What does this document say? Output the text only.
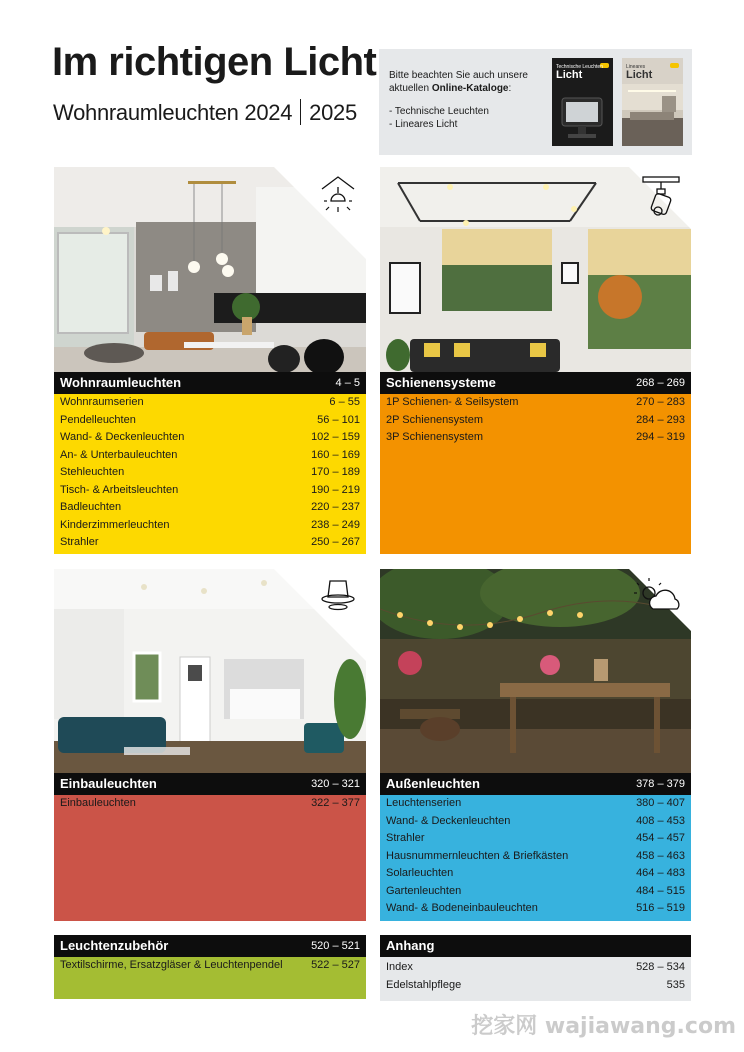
Im richtigen Licht
Wohnraumleuchten 2024 2025
Bitte beachten Sie auch unsere
aktuellen Online-Kataloge:
- Technische Leuchten
- Lineares Licht
Technische Leuchten
Licht
Lineares
Licht
Wohnraumleuchten	4 – 5
Wohnraumserien	6 – 55
Pendelleuchten	56 – 101
Wand- & Deckenleuchten	102 – 159
An- & Unterbauleuchten	160 – 169
Stehleuchten	170 – 189
Tisch- & Arbeitsleuchten	190 – 219
Badleuchten	220 – 237
Kinderzimmerleuchten	238 – 249
Strahler	250 – 267
Schienensysteme	268 – 269
1P Schienen- & Seilsystem	270 – 283
2P Schienensystem	284 – 293
3P Schienensystem	294 – 319
Einbauleuchten	320 – 321
Einbauleuchten	322 – 377
Außenleuchten	378 – 379
Leuchtenserien	380 – 407
Wand- & Deckenleuchten	408 – 453
Strahler	454 – 457
Hausnummernleuchten & Briefkästen	458 – 463
Solarleuchten	464 – 483
Gartenleuchten	484 – 515
Wand- & Bodeneinbauleuchten	516 – 519
Leuchtenzubehör	520 – 521
Textilschirme, Ersatzgläser & Leuchtenpendel	522 – 527
Anhang
Index	528 – 534
Edelstahlpflege	535
挖家网 wajiawang.com
